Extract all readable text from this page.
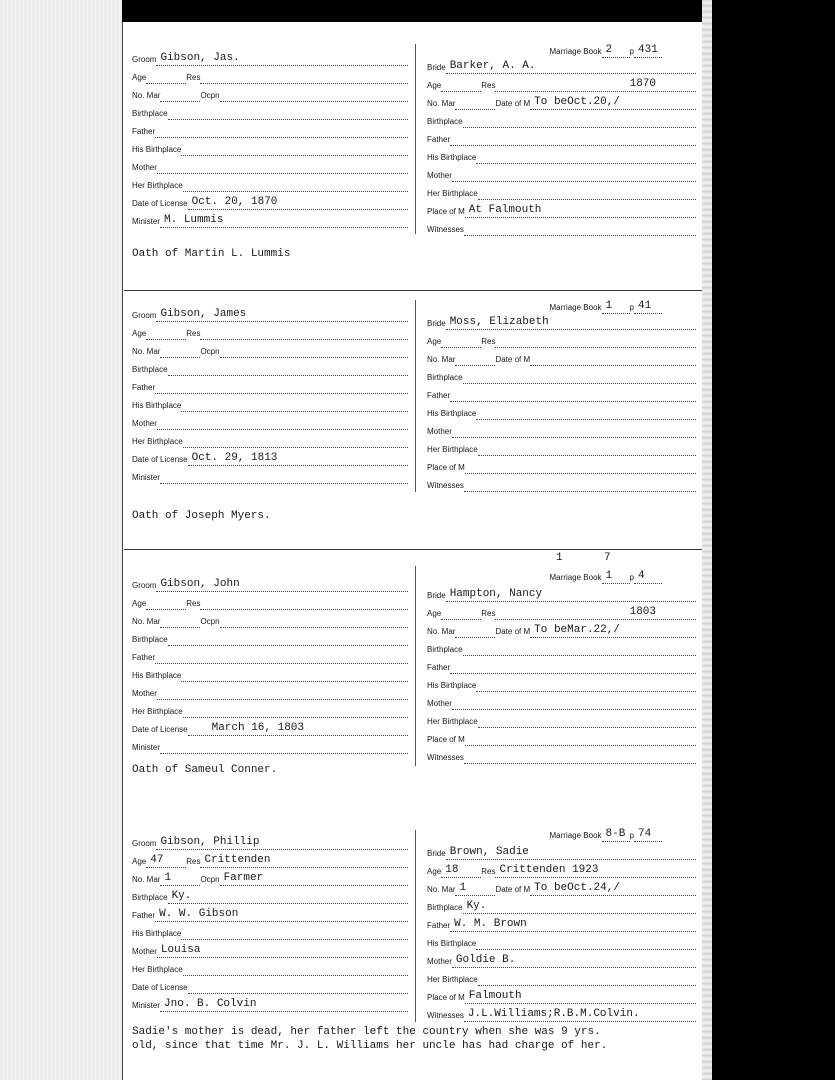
Groom Gibson, Jas.
Age	Res
No. Mar	Ocpn
Birthplace
Father
His Birthplace
Mother
Her Birthplace
Date of License Oct. 20, 1870
Minister M. Lummis
Marriage Book 2	p 431
Bride Barker, A. A.
Age	Res	1870
No. Mar	Date of M To beOct.20,/
Birthplace
Father
His Birthplace
Mother
Her Birthplace
Place of M At Falmouth
Witnesses
Oath of Martin L. Lummis
Groom Gibson, James
Age	Res
No. Mar	Ocpn
Birthplace
Father
His Birthplace
Mother
Her Birthplace
Date of License Oct. 29, 1813
Minister
Marriage Book 1	p 41
Bride Moss, Elizabeth
Age	Res
No. Mar	Date of M
Birthplace
Father
His Birthplace
Mother
Her Birthplace
Place of M
Witnesses
Oath of Joseph Myers.
1	7
Groom Gibson, John
Age	Res
No. Mar	Ocpn
Birthplace
Father
His Birthplace
Mother
Her Birthplace
Date of License	March 16, 1803
Minister
Marriage Book 1	p 4
Bride Hampton, Nancy
Age	Res	1803
No. Mar	Date of M To beMar.22,/
Birthplace
Father
His Birthplace
Mother
Her Birthplace
Place of M
Witnesses
Oath of Sameul Conner.
Groom Gibson, Phillip
Age 47	Res Crittenden
No. Mar 1	Ocpn Farmer
Birthplace Ky.
Father W. W. Gibson
His Birthplace
Mother Louisa
Her Birthplace
Date of License
Minister Jno. B. Colvin
Marriage Book 8-B p 74
Bride Brown, Sadie
Age 18	Res Crittenden 1923
No. Mar 1	Date of M To beOct.24,/
Birthplace Ky.
Father W. M. Brown
His Birthplace
Mother Goldie B.
Her Birthplace
Place of M Falmouth
Witnesses J.L.Williams;R.B.M.Colvin.
Sadie's mother is dead, her father left the country when she was 9 yrs.
old, since that time Mr. J. L. Williams her uncle has had charge of her.
